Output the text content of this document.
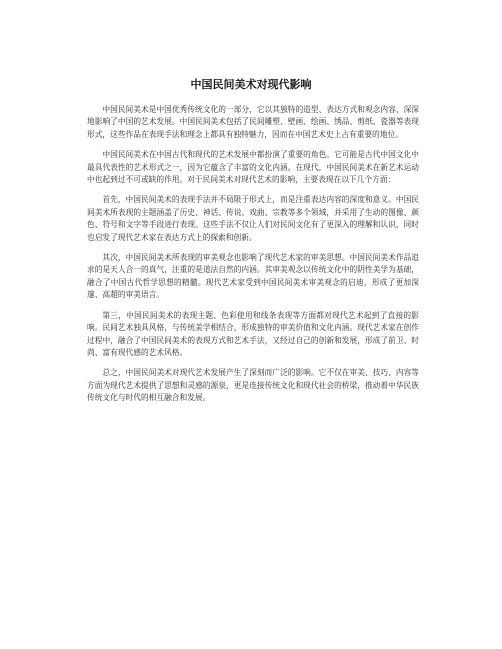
中国民间美术对现代影响

中国民间美术是中国优秀传统文化的一部分，它以其独特的造型、表达方式和观念内容，深深地影响了中国的艺术发展。中国民间美术包括了民间雕塑、壁画、绘画、绣品、剪纸、瓷器等表现形式，这些作品在表现手法和理念上都具有独特魅力，因而在中国艺术史上占有重要的地位。

中国民间美术在中国古代和现代的艺术发展中都扮演了重要的角色。它可能是古代中国文化中最具代表性的艺术形式之一，因为它蕴含了丰富的文化内涵。在现代，中国民间美术在新艺术运动中也起到过不可或缺的作用。对于民间美术对现代艺术的影响，主要表现在以下几个方面：

首先，中国民间美术的表现手法并不局限于形式上，而是注重表达内容的深度和意义。中国民间美术所表现的主题涵盖了历史、神话、传说、戏曲、宗教等多个领域，并采用了生动的图像、颜色、符号和文字等手段进行表现。这些手法不仅让人们对民间文化有了更深入的理解和认识，同时也启发了现代艺术家在表达方式上的探索和创新。

其次，中国民间美术所表现的审美观念也影响了现代艺术家的审美思想。中国民间美术作品追求的是天人合一的真气，注重的是道法自然的内涵。其审美观念以传统文化中的阴性美学为基础，融合了中国古代哲学思想的精髓。现代艺术家受到中国民间美术审美观念的启迪，形成了更加深邃、高超的审美语言。

第三，中国民间美术的表现主题、色彩使用和线条表现等方面都对现代艺术起到了直接的影响。民间艺术独具风格，与传统美学相结合，形成独特的审美价值和文化内涵。现代艺术家在创作过程中，融合了中国民间美术的表现方式和艺术手法，又经过自己的创新和发展，形成了前卫、时尚、富有现代感的艺术风格。

总之，中国民间美术对现代艺术发展产生了深刻而广泛的影响。它不仅在审美、技巧、内容等方面为现代艺术提供了思想和灵感的源泉，更是连接传统文化和现代社会的桥梁，推动着中华民族传统文化与时代的相互融合和发展。
